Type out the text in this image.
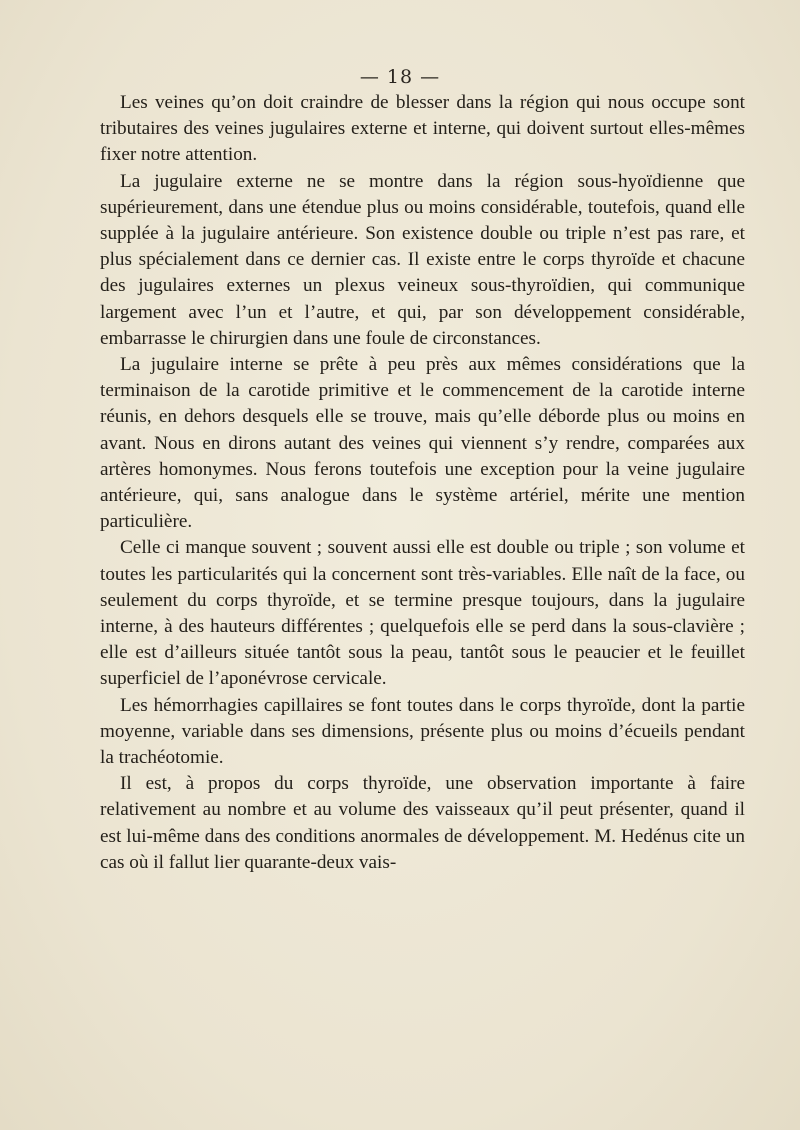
— 18 —

Les veines qu’on doit craindre de blesser dans la région qui nous occupe sont tributaires des veines jugulaires externe et interne, qui doivent surtout elles-mêmes fixer notre attention.

La jugulaire externe ne se montre dans la région sous-hyoïdienne que supérieurement, dans une étendue plus ou moins considérable, toutefois, quand elle supplée à la jugulaire antérieure. Son existence double ou triple n’est pas rare, et plus spécialement dans ce dernier cas. Il existe entre le corps thyroïde et chacune des jugulaires externes un plexus veineux sous-thyroïdien, qui communique largement avec l’un et l’autre, et qui, par son développement considérable, embarrasse le chirurgien dans une foule de circonstances.

La jugulaire interne se prête à peu près aux mêmes considérations que la terminaison de la carotide primitive et le commencement de la carotide interne réunis, en dehors desquels elle se trouve, mais qu’elle déborde plus ou moins en avant. Nous en dirons autant des veines qui viennent s’y rendre, comparées aux artères homonymes. Nous ferons toutefois une exception pour la veine jugulaire antérieure, qui, sans analogue dans le système artériel, mérite une mention particulière.

Celle ci manque souvent ; souvent aussi elle est double ou triple ; son volume et toutes les particularités qui la concernent sont très-variables. Elle naît de la face, ou seulement du corps thyroïde, et se termine presque toujours, dans la jugulaire interne, à des hauteurs différentes ; quelquefois elle se perd dans la sous-clavière ; elle est d’ailleurs située tantôt sous la peau, tantôt sous le peaucier et le feuillet superficiel de l’aponévrose cervicale.

Les hémorrhagies capillaires se font toutes dans le corps thyroïde, dont la partie moyenne, variable dans ses dimensions, présente plus ou moins d’écueils pendant la trachéotomie.

Il est, à propos du corps thyroïde, une observation importante à faire relativement au nombre et au volume des vaisseaux qu’il peut présenter, quand il est lui-même dans des conditions anormales de développement. M. Hedénus cite un cas où il fallut lier quarante-deux vais-
